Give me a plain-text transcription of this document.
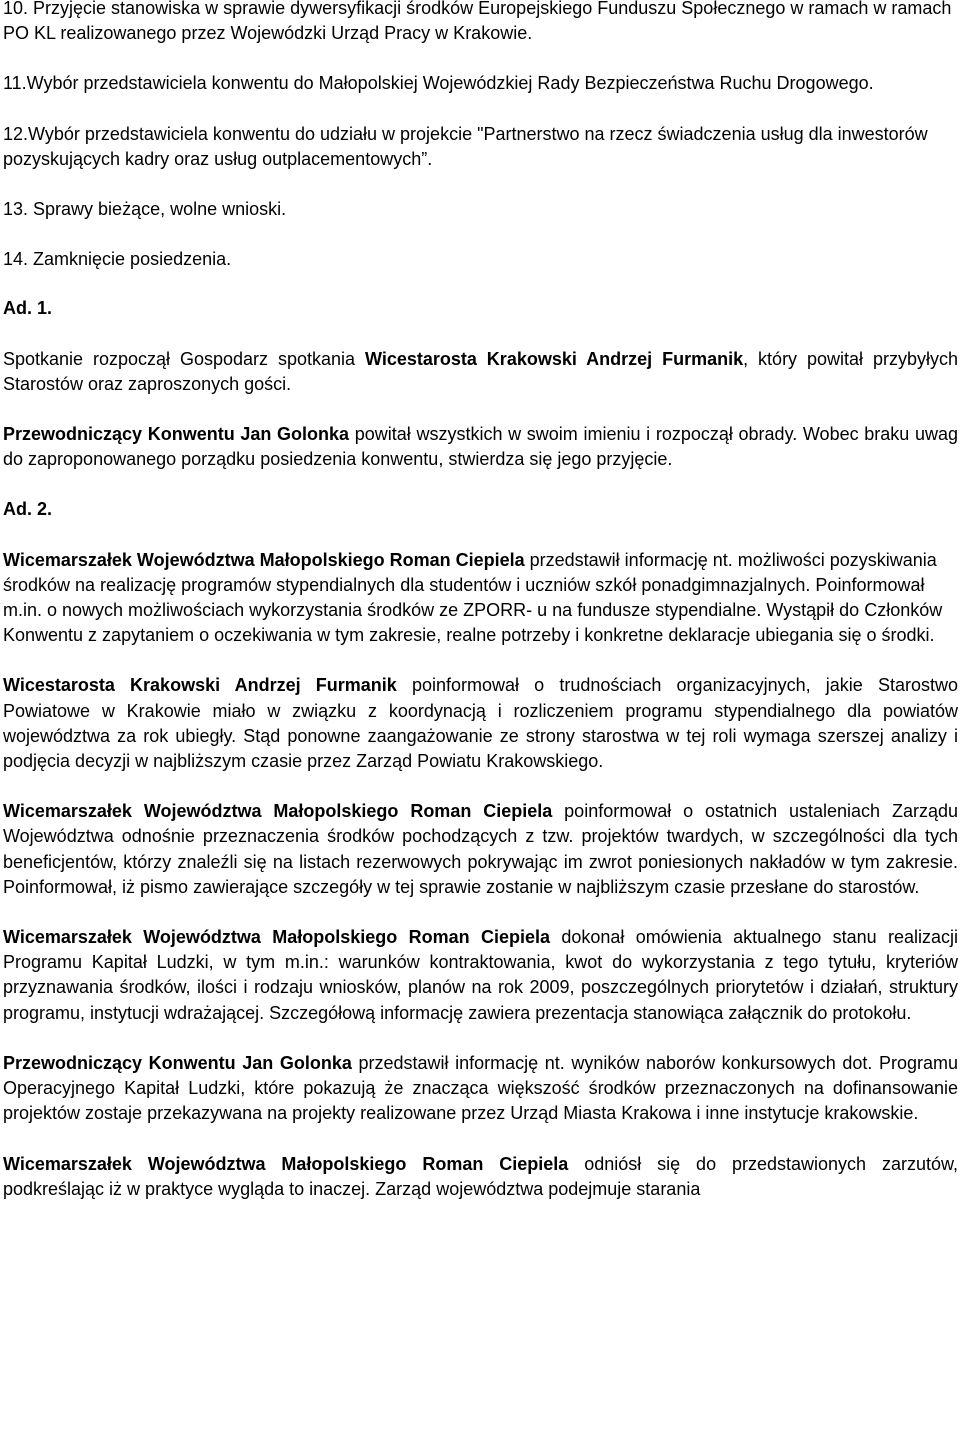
10. Przyjęcie stanowiska w sprawie dywersyfikacji środków Europejskiego Funduszu Społecznego w ramach w ramach PO KL realizowanego przez Wojewódzki Urząd Pracy w Krakowie.
11.Wybór przedstawiciela konwentu do Małopolskiej Wojewódzkiej Rady Bezpieczeństwa Ruchu Drogowego.
12.Wybór przedstawiciela konwentu do udziału w projekcie "Partnerstwo na rzecz świadczenia usług dla inwestorów pozyskujących kadry oraz usług outplacementowych”.
13. Sprawy bieżące, wolne wnioski.
14. Zamknięcie posiedzenia.
Ad. 1.

Spotkanie rozpoczął Gospodarz spotkania Wicestarosta Krakowski Andrzej Furmanik, który powitał przybyłych Starostów oraz zaproszonych gości.

Przewodniczący Konwentu Jan Golonka powitał wszystkich w swoim imieniu i rozpoczął obrady. Wobec braku uwag do zaproponowanego porządku posiedzenia konwentu, stwierdza się jego przyjęcie.

Ad. 2.

Wicemarszałek Województwa Małopolskiego Roman Ciepiela przedstawił informację nt. możliwości pozyskiwania środków na realizację programów stypendialnych dla studentów i uczniów szkół ponadgimnazjalnych. Poinformował m.in. o nowych możliwościach wykorzystania środków ze ZPORR- u na fundusze stypendialne. Wystąpił do Członków Konwentu z zapytaniem o oczekiwania w tym zakresie, realne potrzeby i konkretne deklaracje ubiegania się o środki.

Wicestarosta Krakowski Andrzej Furmanik poinformował o trudnościach organizacyjnych, jakie Starostwo Powiatowe w Krakowie miało w związku z koordynacją i rozliczeniem programu stypendialnego dla powiatów województwa za rok ubiegły. Stąd ponowne zaangażowanie ze strony starostwa w tej roli wymaga szerszej analizy i podjęcia decyzji w najbliższym czasie przez Zarząd Powiatu Krakowskiego.

Wicemarszałek Województwa Małopolskiego Roman Ciepiela poinformował o ostatnich ustaleniach Zarządu Województwa odnośnie przeznaczenia środków pochodzących z tzw. projektów twardych, w szczególności dla tych beneficjentów, którzy znaleźli się na listach rezerwowych pokrywając im zwrot poniesionych nakładów w tym zakresie. Poinformował, iż pismo zawierające szczegóły w tej sprawie zostanie w najbliższym czasie przesłane do starostów.

Wicemarszałek Województwa Małopolskiego Roman Ciepiela dokonał omówienia aktualnego stanu realizacji Programu Kapitał Ludzki, w tym m.in.: warunków kontraktowania, kwot do wykorzystania z tego tytułu, kryteriów przyznawania środków, ilości i rodzaju wniosków, planów na rok 2009, poszczególnych priorytetów i działań, struktury programu, instytucji wdrażającej. Szczegółową informację zawiera prezentacja stanowiąca załącznik do protokołu.

Przewodniczący Konwentu Jan Golonka przedstawił informację nt. wyników naborów konkursowych dot. Programu Operacyjnego Kapitał Ludzki, które pokazują że znacząca większość środków przeznaczonych na dofinansowanie projektów zostaje przekazywana na projekty realizowane przez Urząd Miasta Krakowa i inne instytucje krakowskie.

Wicemarszałek Województwa Małopolskiego Roman Ciepiela odniósł się do przedstawionych zarzutów, podkreślając iż w praktyce wygląda to inaczej. Zarząd województwa podejmuje starania
